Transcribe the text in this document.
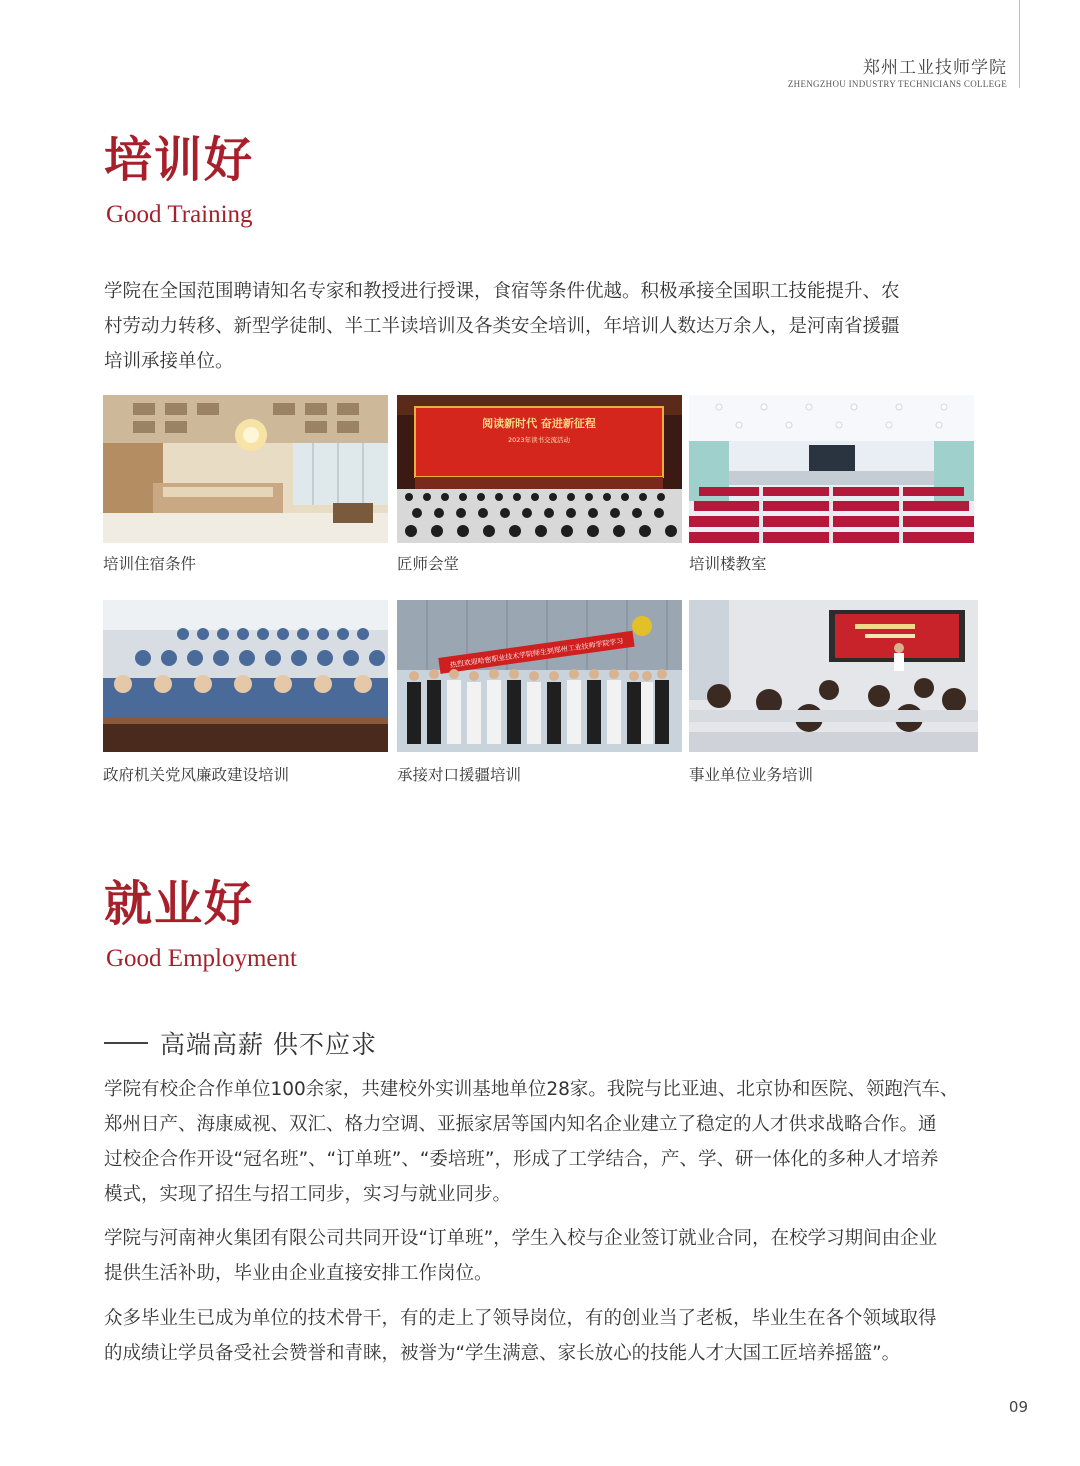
郑州工业技师学院
ZHENGZHOU INDUSTRY TECHNICIANS COLLEGE
培训好
Good Training

学院在全国范围聘请知名专家和教授进行授课，食宿等条件优越。积极承接全国职工技能提升、农
村劳动力转移、新型学徒制、半工半读培训及各类安全培训，年培训人数达万余人，是河南省援疆
培训承接单位。

培训住宿条件
阅读新时代 奋进新征程
2023年读书交流活动
匠师会堂	培训楼教室
政府机关党风廉政建设培训
热烈欢迎哈密职业技术学院师生到郑州工业技师学院学习
承接对口援疆培训	事业单位业务培训
就业好
Good Employment
高端高薪 供不应求

学院有校企合作单位100余家，共建校外实训基地单位28家。我院与比亚迪、北京协和医院、领跑汽车、
郑州日产、海康威视、双汇、格力空调、亚振家居等国内知名企业建立了稳定的人才供求战略合作。通
过校企合作开设“冠名班”、“订单班”、“委培班”，形成了工学结合，产、学、研一体化的多种人才培养
模式，实现了招生与招工同步，实习与就业同步。

学院与河南神火集团有限公司共同开设“订单班”，学生入校与企业签订就业合同，在校学习期间由企业
提供生活补助，毕业由企业直接安排工作岗位。

众多毕业生已成为单位的技术骨干，有的走上了领导岗位，有的创业当了老板，毕业生在各个领域取得
的成绩让学员备受社会赞誉和青睐，被誉为“学生满意、家长放心的技能人才大国工匠培养摇篮”。

09
